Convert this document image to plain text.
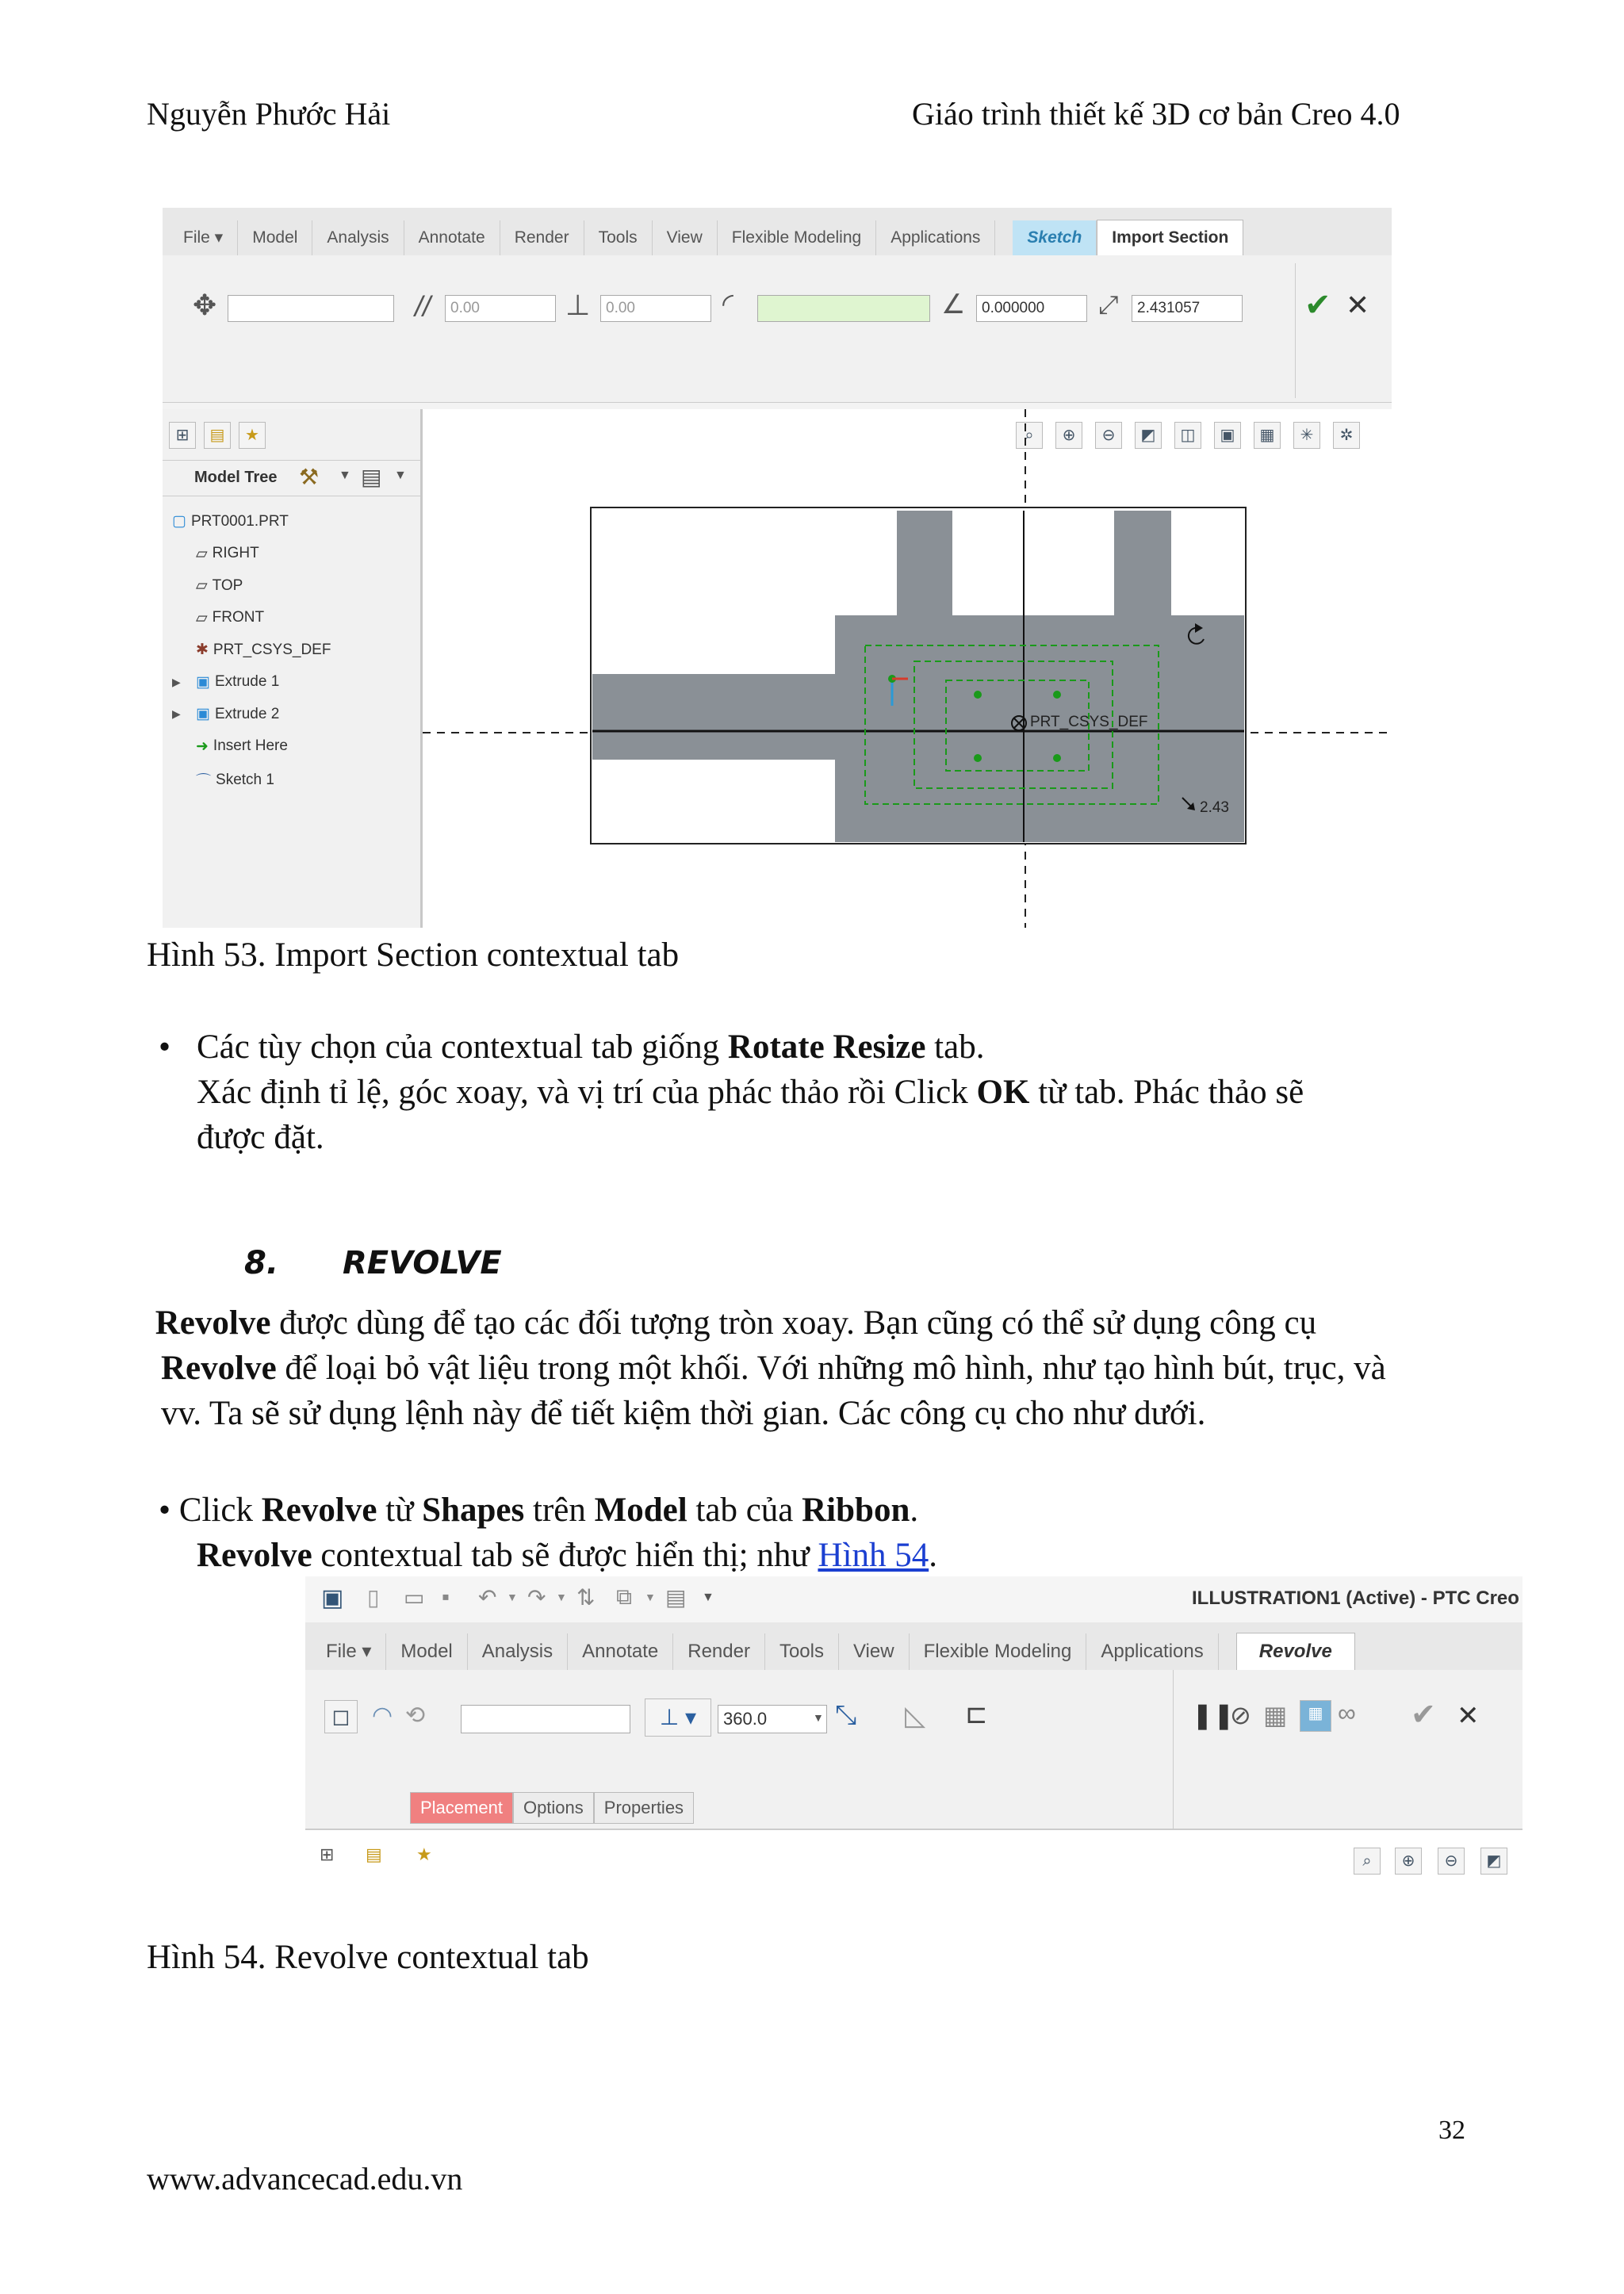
Nguyễn Phước Hải	Giáo trình thiết kế 3D cơ bản Creo 4.0
File ▾	Model	Analysis	Annotate	Render	Tools	View	Flexible Modeling	Applications	Sketch	Import Section
✥	//	0.00	⊥	0.00	◜	∠	0.000000	⤢	2.431057	✔ ✕
⊞	▤	★
Model Tree ⚒ ▼ ▤ ▼
▢ PRT0001.PRT
▱ RIGHT
▱ TOP
▱ FRONT
✱ PRT_CSYS_DEF
▶ ▣ Extrude 1
▶ ▣ Extrude 2
➜ Insert Here
⌒ Sketch 1
⌕	⊕	⊖	◩	◫	▣	▦	✳	✲
PRT_CSYS_DEF
2.43
Hình 53. Import Section contextual tab
• Các tùy chọn của contextual tab giống Rotate Resize tab.
Xác định tỉ lệ, góc xoay, và vị trí của phác thảo rồi Click OK từ tab. Phác thảo sẽ
được đặt.
8. REVOLVE
Revolve được dùng để tạo các đối tượng tròn xoay. Bạn cũng có thể sử dụng công cụ
Revolve để loại bỏ vật liệu trong một khối. Với những mô hình, như tạo hình bút, trục, và
vv. Ta sẽ sử dụng lệnh này để tiết kiệm thời gian. Các công cụ cho như dưới.
• Click Revolve từ Shapes trên Model tab của Ribbon.
Revolve contextual tab sẽ được hiển thị; như Hình 54.
▣ ▯ ▭ ▪ ↶ ▼ ↷ ▼ ⇅ ⧉ ▼ ▤ ▼	ILLUSTRATION1 (Active) - PTC Creo
File ▾	Model	Analysis	Annotate	Render	Tools	View	Flexible Modeling	Applications	Revolve
◻ ◠ ⟲	⊥ ▾	360.0	▼ ⤡ ◺ ⊏	❚❚
⊘ ▦	▦ ∞ ✔ ✕
Placement	Options	Properties
⊞ ▤ ★	⌕	⊕	⊖	◩
Hình 54. Revolve contextual tab
32
www.advancecad.edu.vn
